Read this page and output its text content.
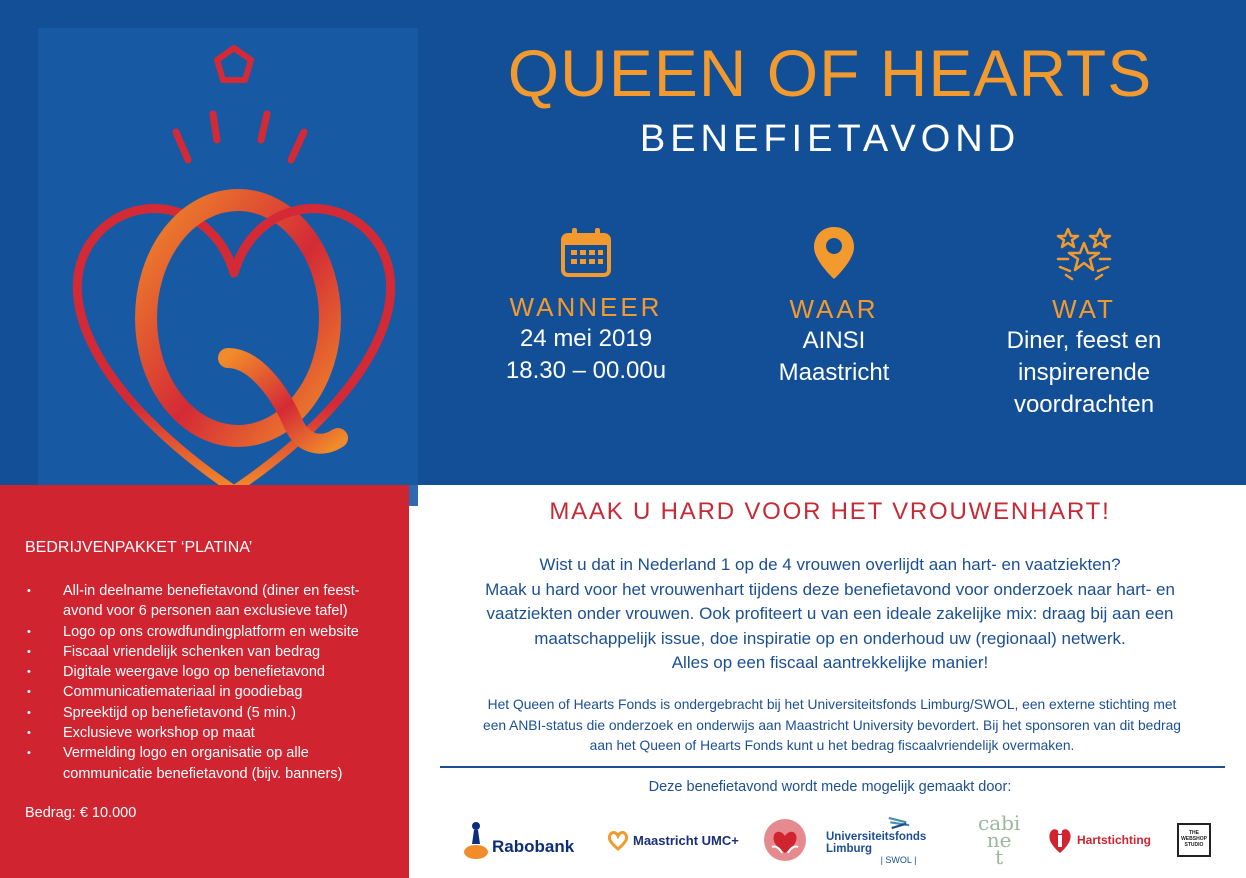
QUEEN OF HEARTS
BENEFIETAVOND
WANNEER
24 mei 2019
18.30 – 00.00u
WAAR
AINSI
Maastricht
WAT
Diner, feest en
inspirerende
voordrachten
BEDRIJVENPAKKET ‘PLATINA’
• All-in deelname benefietavond (diner en feest-avond voor 6 personen aan exclusieve tafel)
• Logo op ons crowdfundingplatform en website
• Fiscaal vriendelijk schenken van bedrag
• Digitale weergave logo op benefietavond
• Communicatiemateriaal in goodiebag
• Spreektijd op benefietavond (5 min.)
• Exclusieve workshop op maat
• Vermelding logo en organisatie op alle communicatie benefietavond (bijv. banners)
Bedrag: € 10.000
MAAK U HARD VOOR HET VROUWENHART!
Wist u dat in Nederland 1 op de 4 vrouwen overlijdt aan hart- en vaatziekten?
Maak u hard voor het vrouwenhart tijdens deze benefietavond voor onderzoek naar hart- en
vaatziekten onder vrouwen. Ook profiteert u van een ideale zakelijke mix: draag bij aan een
maatschappelijk issue, doe inspiratie op en onderhoud uw (regionaal) netwerk.
Alles op een fiscaal aantrekkelijke manier!
Het Queen of Hearts Fonds is ondergebracht bij het Universiteitsfonds Limburg/SWOL, een externe stichting met
een ANBI-status die onderzoek en onderwijs aan Maastricht University bevordert. Bij het sponsoren van dit bedrag
aan het Queen of Hearts Fonds kunt u het bedrag fiscaalvriendelijk overmaken.
Deze benefietavond wordt mede mogelijk gemaakt door:
Rabobank	Maastricht UMC+	Universiteitsfonds Limburg
| SWOL |
cabi
ne
t
Hartstichting	THE WEBSHOP STUDIO
